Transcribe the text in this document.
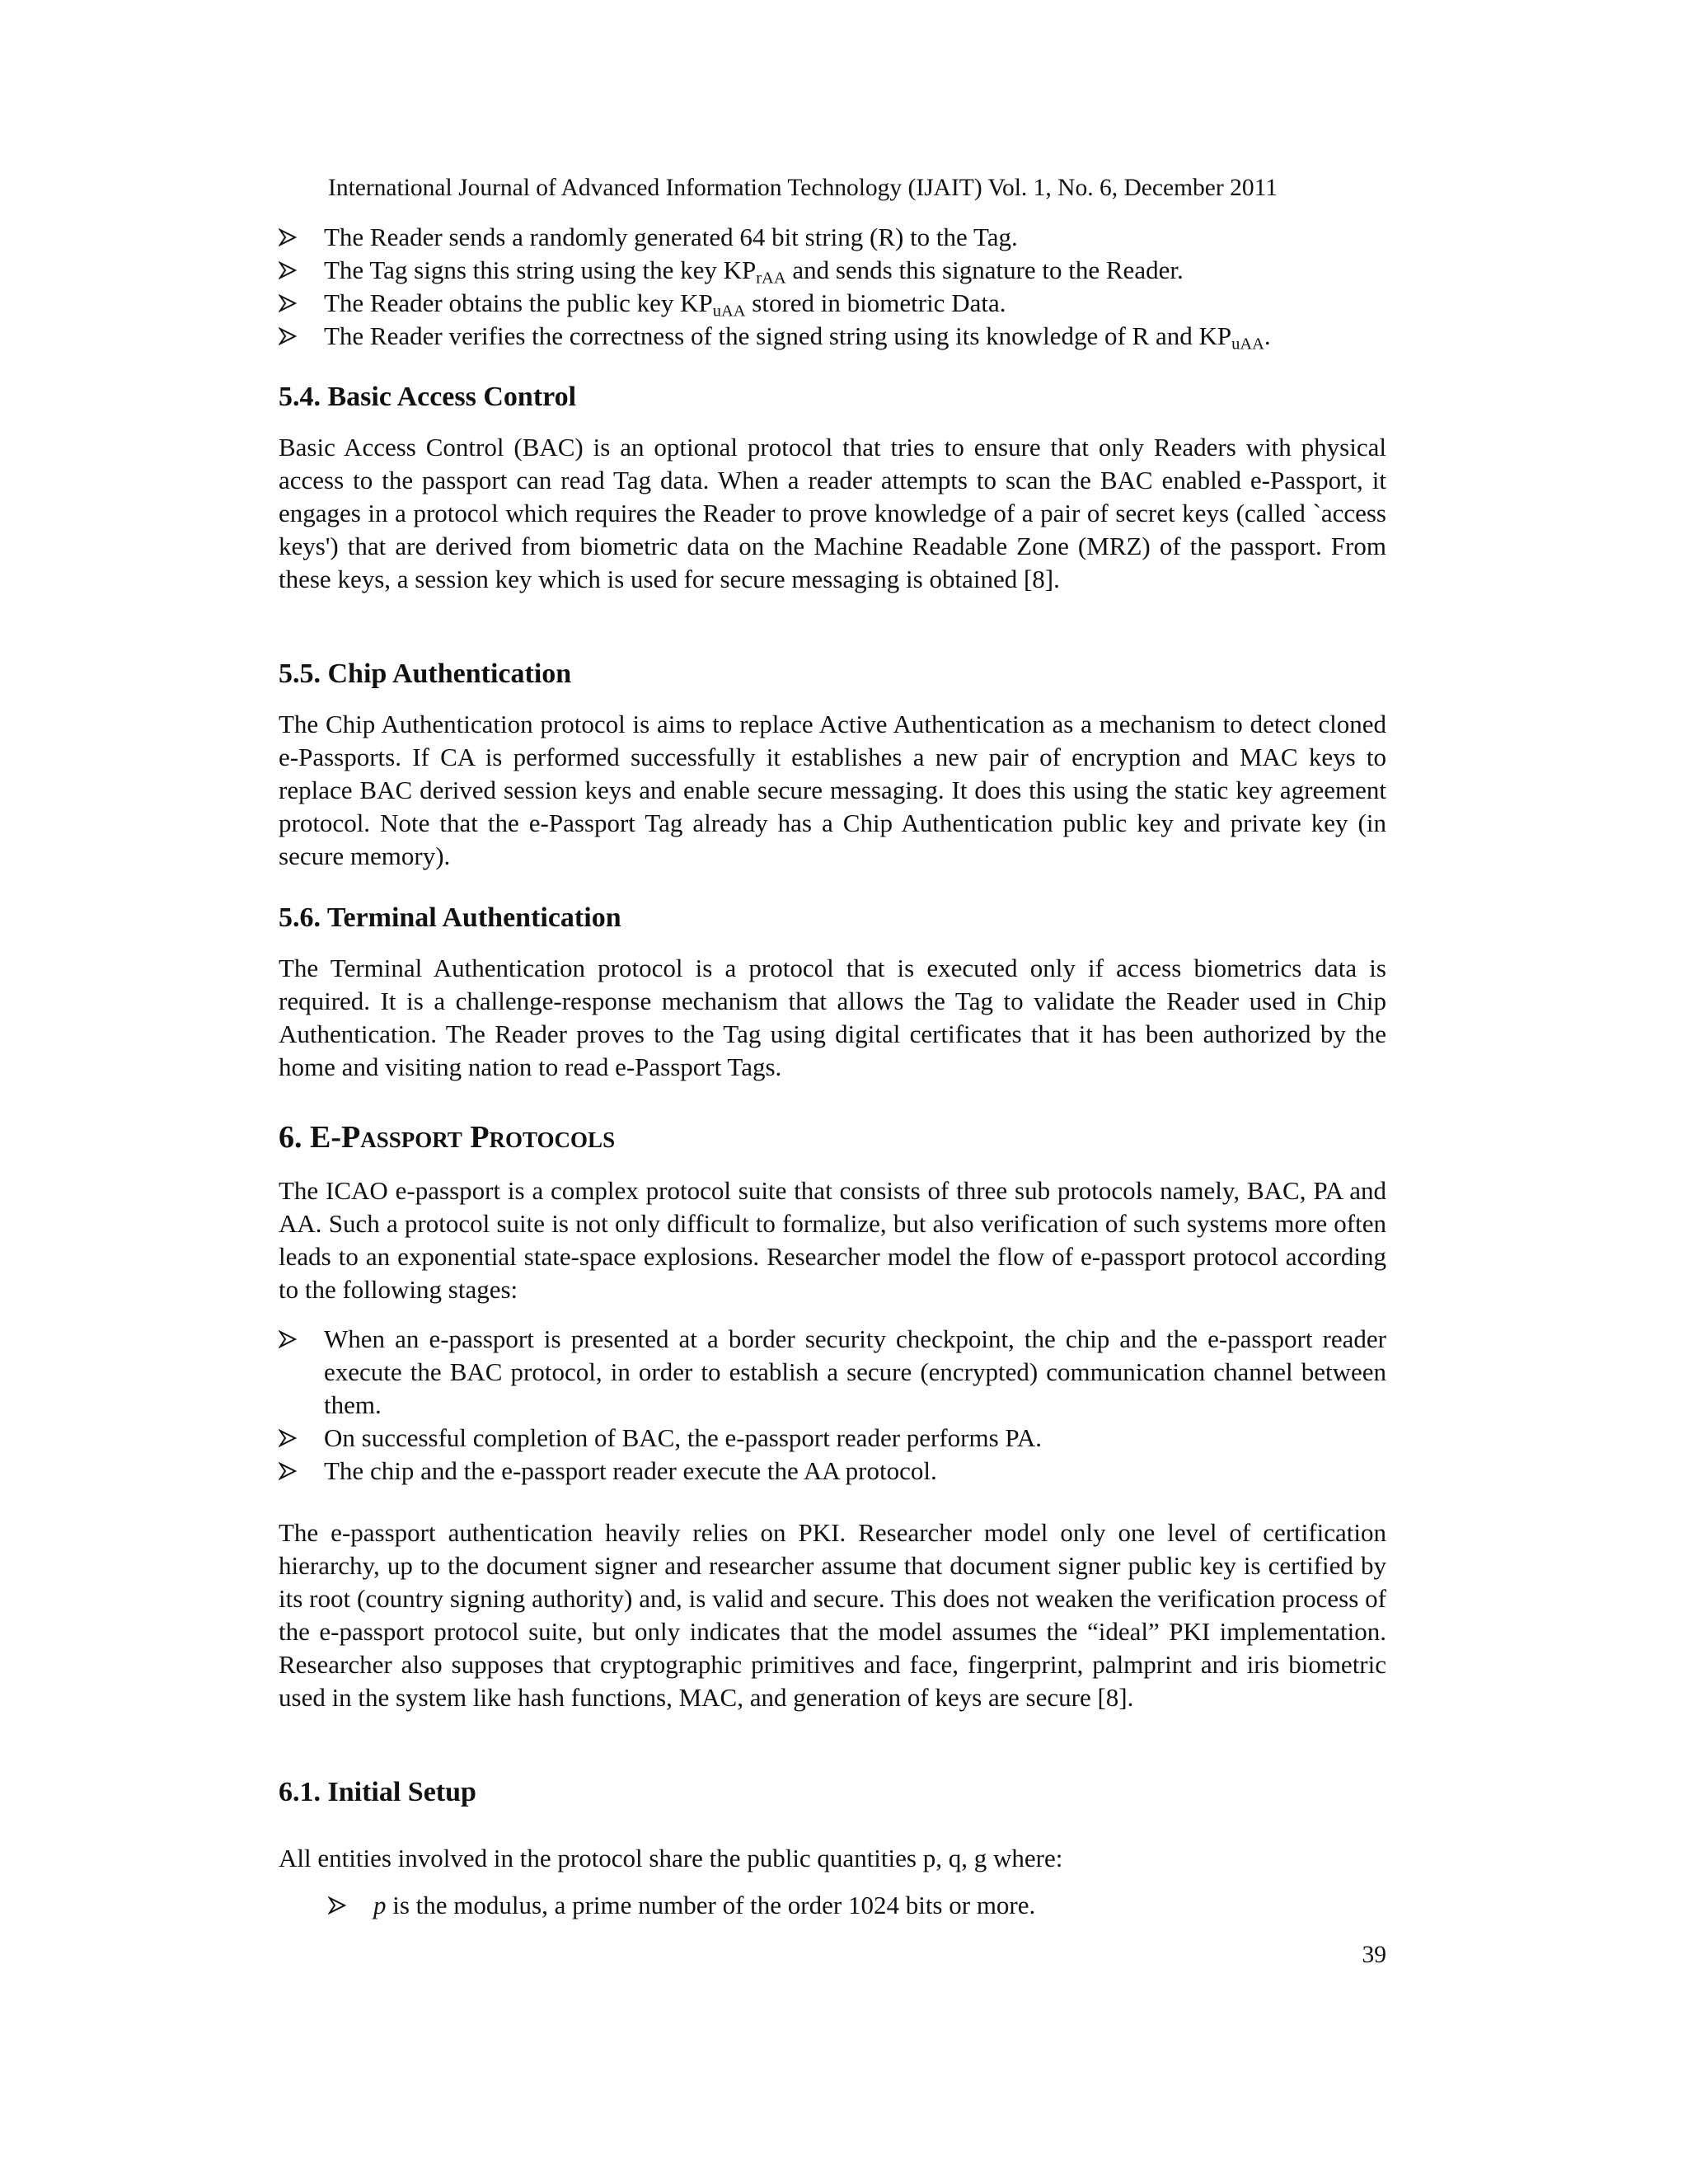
International Journal of Advanced Information Technology (IJAIT) Vol. 1, No. 6, December 2011
The Reader sends a randomly generated 64 bit string (R) to the Tag.
The Tag signs this string using the key $KP_{rAA}$ and sends this signature to the Reader.
The Reader obtains the public key $KP_{uAA}$ stored in biometric Data.
The Reader verifies the correctness of the signed string using its knowledge of R and $KP_{uAA}$.
5.4. Basic Access Control

Basic Access Control (BAC) is an optional protocol that tries to ensure that only Readers with physical access to the passport can read Tag data. When a reader attempts to scan the BAC enabled e-Passport, it engages in a protocol which requires the Reader to prove knowledge of a pair of secret keys (called `access keys') that are derived from biometric data on the Machine Readable Zone (MRZ) of the passport. From these keys, a session key which is used for secure messaging is obtained [8].

5.5. Chip Authentication

The Chip Authentication protocol is aims to replace Active Authentication as a mechanism to detect cloned e-Passports. If CA is performed successfully it establishes a new pair of encryption and MAC keys to replace BAC derived session keys and enable secure messaging. It does this using the static key agreement protocol. Note that the e-Passport Tag already has a Chip Authentication public key and private key (in secure memory).

5.6. Terminal Authentication

The Terminal Authentication protocol is a protocol that is executed only if access biometrics data is required. It is a challenge-response mechanism that allows the Tag to validate the Reader used in Chip Authentication. The Reader proves to the Tag using digital certificates that it has been authorized by the home and visiting nation to read e-Passport Tags.

6. E-Passport Protocols

The ICAO e-passport is a complex protocol suite that consists of three sub protocols namely, BAC, PA and AA. Such a protocol suite is not only difficult to formalize, but also verification of such systems more often leads to an exponential state-space explosions. Researcher model the flow of e-passport protocol according to the following stages:

When an e-passport is presented at a border security checkpoint, the chip and the e-passport reader execute the BAC protocol, in order to establish a secure (encrypted) communication channel between them.
On successful completion of BAC, the e-passport reader performs PA.
The chip and the e-passport reader execute the AA protocol.

The e-passport authentication heavily relies on PKI. Researcher model only one level of certification hierarchy, up to the document signer and researcher assume that document signer public key is certified by its root (country signing authority) and, is valid and secure. This does not weaken the verification process of the e-passport protocol suite, but only indicates that the model assumes the “ideal” PKI implementation. Researcher also supposes that cryptographic primitives and face, fingerprint, palmprint and iris biometric used in the system like hash functions, MAC, and generation of keys are secure [8].

6.1. Initial Setup

All entities involved in the protocol share the public quantities p, q, g where:

p is the modulus, a prime number of the order 1024 bits or more.
39
